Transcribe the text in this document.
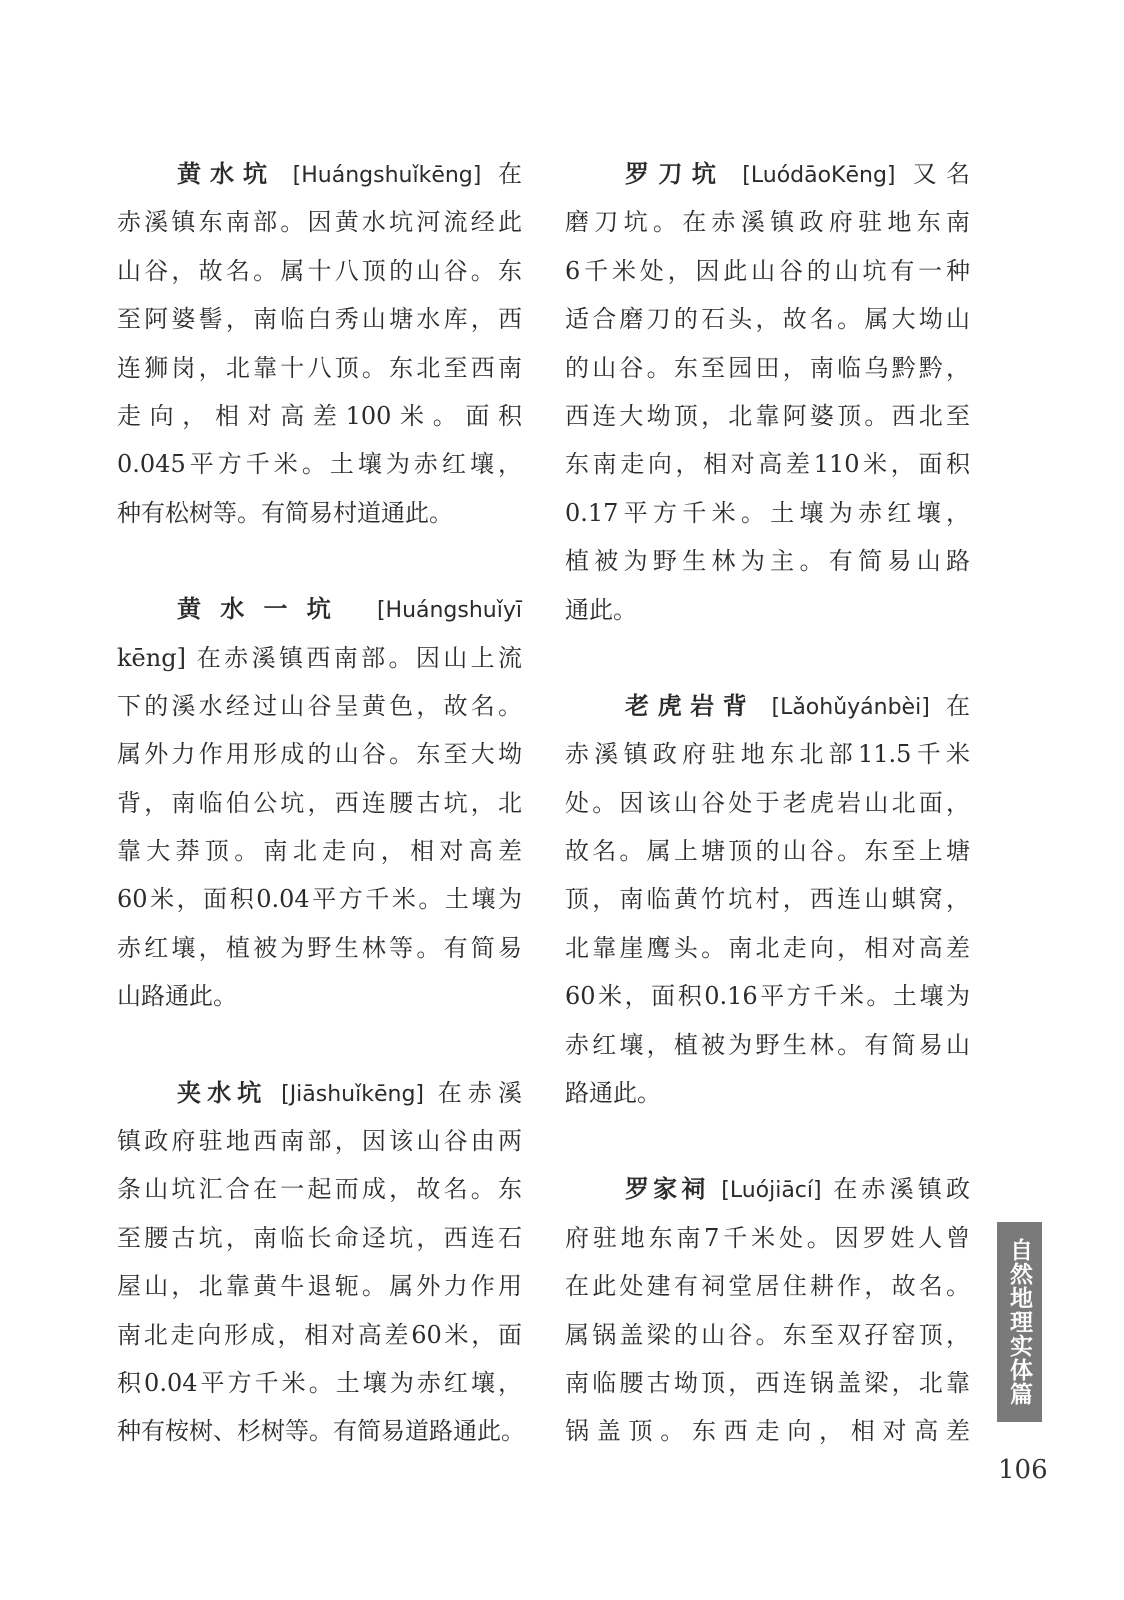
黄水坑 [Huángshuǐkēng] 在
赤溪镇东南部。因黄水坑河流经此
山谷，故名。属十八顶的山谷。东
至阿婆髻，南临白秀山塘水库，西
连狮岗，北靠十八顶。东北至西南
走向，相对高差100米。面积
0.045平方千米。土壤为赤红壤，
种有松树等。有简易村道通此。
黄水一坑 [Huángshuǐyī
kēng] 在赤溪镇西南部。因山上流
下的溪水经过山谷呈黄色，故名。
属外力作用形成的山谷。东至大坳
背，南临伯公坑，西连腰古坑，北
靠大莽顶。南北走向，相对高差
60米，面积0.04平方千米。土壤为
赤红壤，植被为野生林等。有简易
山路通此。
夹水坑 [Jiāshuǐkēng] 在赤溪
镇政府驻地西南部，因该山谷由两
条山坑汇合在一起而成，故名。东
至腰古坑，南临长命迳坑，西连石
屋山，北靠黄牛退轭。属外力作用
南北走向形成，相对高差60米，面
积0.04平方千米。土壤为赤红壤，
种有桉树、杉树等。有简易道路通此。
罗刀坑 [LuódāoKēng] 又名
磨刀坑。在赤溪镇政府驻地东南
6千米处，因此山谷的山坑有一种
适合磨刀的石头，故名。属大坳山
的山谷。东至园田，南临乌黔黔，
西连大坳顶，北靠阿婆顶。西北至
东南走向，相对高差110米，面积
0.17平方千米。土壤为赤红壤，
植被为野生林为主。有简易山路
通此。
老虎岩背 [Lǎohǔyánbèi] 在
赤溪镇政府驻地东北部11.5千米
处。因该山谷处于老虎岩山北面，
故名。属上塘顶的山谷。东至上塘
顶，南临黄竹坑村，西连山蜞窝，
北靠崖鹰头。南北走向，相对高差
60米，面积0.16平方千米。土壤为
赤红壤，植被为野生林。有简易山
路通此。
罗家祠 [Luójiācí] 在赤溪镇政
府驻地东南7千米处。因罗姓人曾
在此处建有祠堂居住耕作，故名。
属锅盖梁的山谷。东至双孖窑顶，
南临腰古坳顶，西连锅盖梁，北靠
锅盖顶。东西走向，相对高差
自然地理实体篇
106
